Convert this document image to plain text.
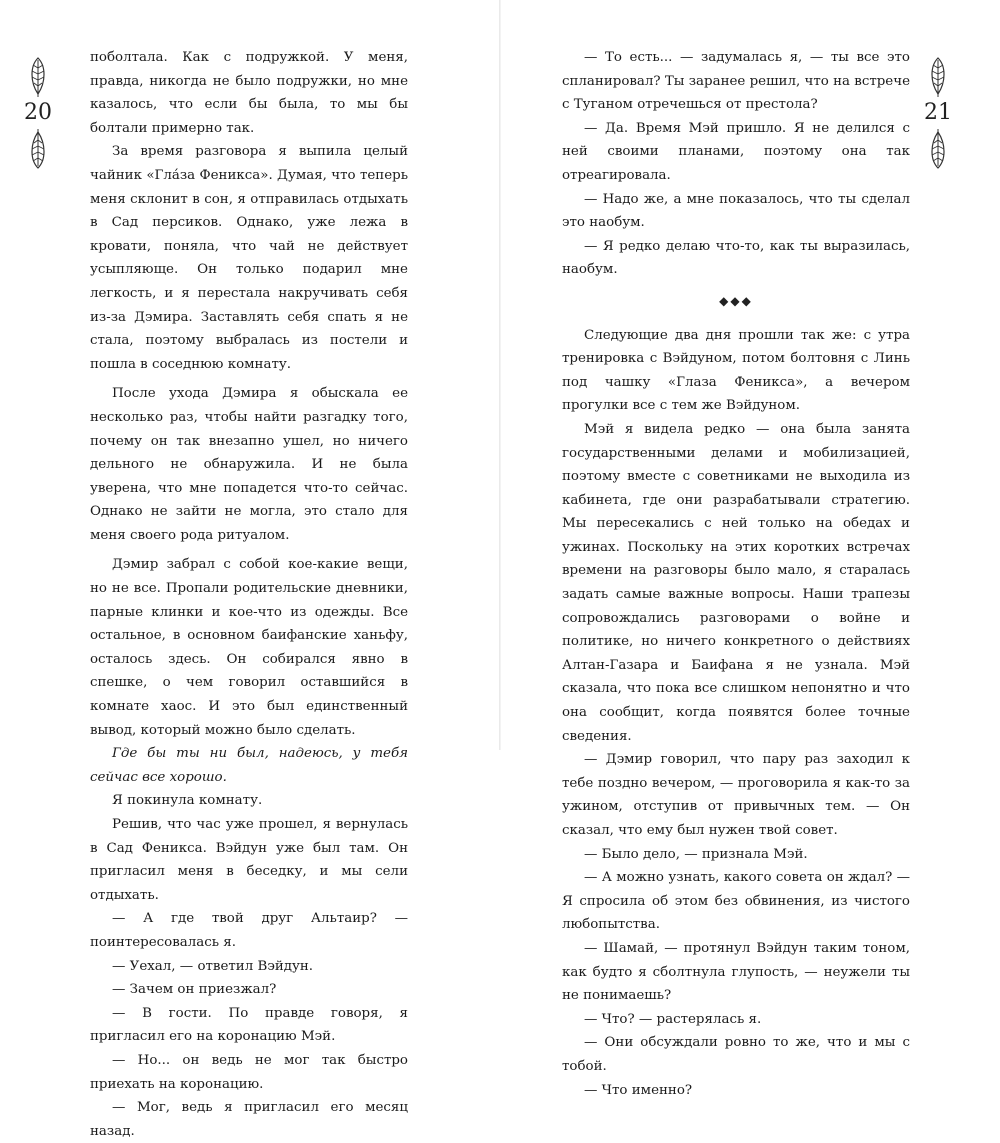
20

поболтала. Как с подружкой. У меня, правда, никогда не было подружки, но мне казалось, что если бы была, то мы бы болтали примерно так.

За время разговора я выпила целый чайник «Гла́за Феникса». Думая, что теперь меня склонит в сон, я отправилась отдыхать в Сад персиков. Однако, уже лежа в кровати, поняла, что чай не действует усыпляюще. Он только подарил мне легкость, и я перестала накручивать себя из-за Дэмира. Заставлять себя спать я не стала, поэтому выбралась из постели и пошла в соседнюю комнату.

После ухода Дэмира я обыскала ее несколько раз, чтобы найти разгадку того, почему он так внезапно ушел, но ничего дельного не обнаружила. И не была уверена, что мне попадется что-то сейчас. Однако не зайти не могла, это стало для меня своего рода ритуалом.

Дэмир забрал с собой кое-какие вещи, но не все. Пропали родительские дневники, парные клинки и кое-что из одежды. Все остальное, в основном баифанские ханьфу, осталось здесь. Он собирался явно в спешке, о чем говорил оставшийся в комнате хаос. И это был единственный вывод, который можно было сделать.

Где бы ты ни был, надеюсь, у тебя сейчас все хорошо.

Я покинула комнату.

Решив, что час уже прошел, я вернулась в Сад Феникса. Вэйдун уже был там. Он пригласил меня в беседку, и мы сели отдыхать.

— А где твой друг Альтаир? — поинтересовалась я.

— Уехал, — ответил Вэйдун.

— Зачем он приезжал?

— В гости. По правде говоря, я пригласил его на коронацию Мэй.

— Но... он ведь не мог так быстро приехать на коронацию.

— Мог, ведь я пригласил его месяц назад.

21

— То есть... — задумалась я, — ты все это спланировал? Ты заранее решил, что на встрече с Туганом отречешься от престола?

— Да. Время Мэй пришло. Я не делился с ней своими планами, поэтому она так отреагировала.

— Надо же, а мне показалось, что ты сделал это наобум.

— Я редко делаю что-то, как ты выразилась, наобум.

◆◆◆

Следующие два дня прошли так же: с утра тренировка с Вэйдуном, потом болтовня с Линь под чашку «Глаза Феникса», а вечером прогулки все с тем же Вэйдуном.

Мэй я видела редко — она была занята государственными делами и мобилизацией, поэтому вместе с советниками не выходила из кабинета, где они разрабатывали стратегию. Мы пересекались с ней только на обедах и ужинах. Поскольку на этих коротких встречах времени на разговоры было мало, я старалась задать самые важные вопросы. Наши трапезы сопровождались разговорами о войне и политике, но ничего конкретного о действиях Алтан-Газара и Баифана я не узнала. Мэй сказала, что пока все слишком непонятно и что она сообщит, когда появятся более точные сведения.

— Дэмир говорил, что пару раз заходил к тебе поздно вечером, — проговорила я как-то за ужином, отступив от привычных тем. — Он сказал, что ему был нужен твой совет.

— Было дело, — признала Мэй.

— А можно узнать, какого совета он ждал? — Я спросила об этом без обвинения, из чистого любопытства.

— Шамай, — протянул Вэйдун таким тоном, как будто я сболтнула глупость, — неужели ты не понимаешь?

— Что? — растерялась я.

— Они обсуждали ровно то же, что и мы с тобой.

— Что именно?
